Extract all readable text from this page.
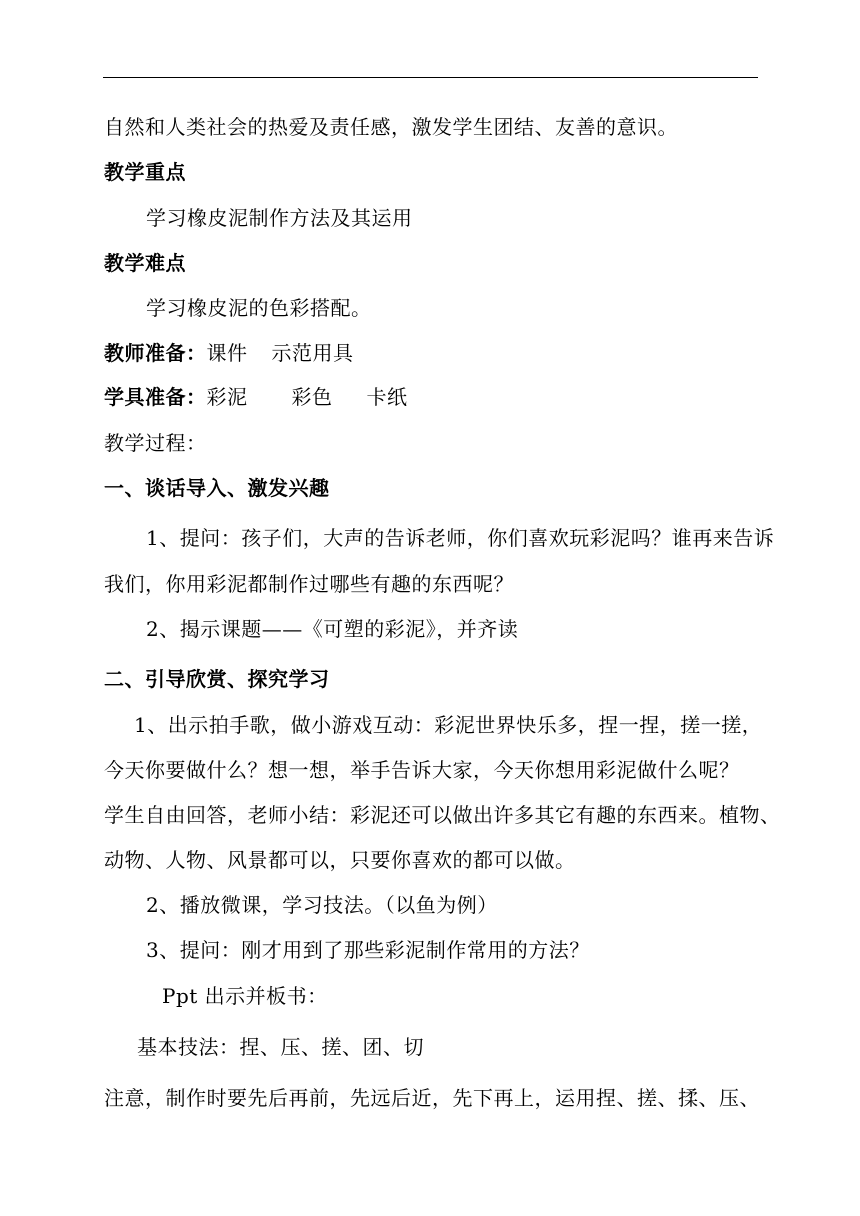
自然和人类社会的热爱及责任感，激发学生团结、友善的意识。
教学重点
学习橡皮泥制作方法及其运用
教学难点
学习橡皮泥的色彩搭配。
教师准备：课件 示范用具
学具准备：彩泥 彩色 卡纸
教学过程：
一、谈话导入、激发兴趣
1、提问：孩子们，大声的告诉老师，你们喜欢玩彩泥吗？谁再来告诉
我们，你用彩泥都制作过哪些有趣的东西呢？
2、揭示课题——《可塑的彩泥》，并齐读
二、引导欣赏、探究学习
1、出示拍手歌，做小游戏互动：彩泥世界快乐多，捏一捏，搓一搓，
今天你要做什么？想一想，举手告诉大家，今天你想用彩泥做什么呢？
学生自由回答，老师小结：彩泥还可以做出许多其它有趣的东西来。植物、
动物、人物、风景都可以，只要你喜欢的都可以做。
2、播放微课，学习技法。（以鱼为例）
3、提问：刚才用到了那些彩泥制作常用的方法？
Ppt 出示并板书：
基本技法：捏、压、搓、团、切
注意，制作时要先后再前，先远后近，先下再上，运用捏、搓、揉、压、
